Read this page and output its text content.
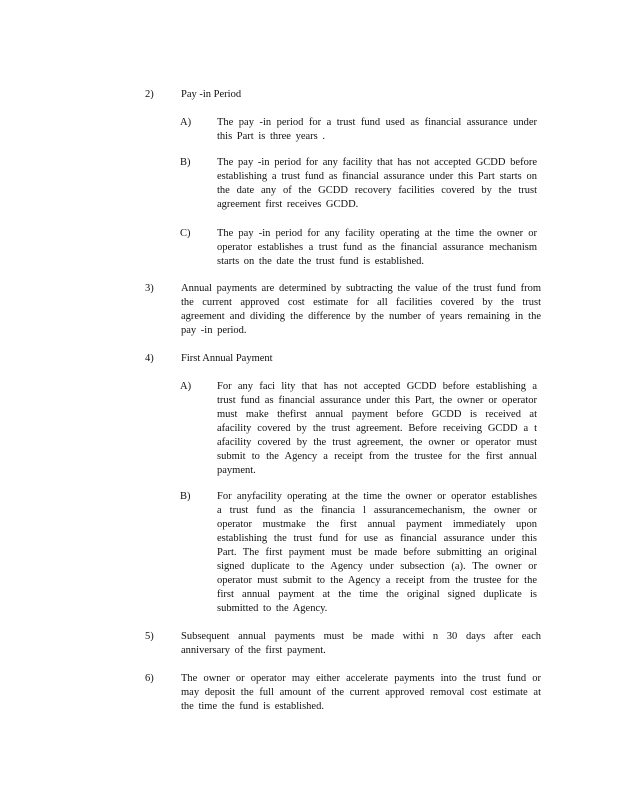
2)	Pay -in Period

A)	The pay -in period for a trust fund used as financial assurance under this Part is three years .

B)	The pay -in period for any facility that has not accepted GCDD before establishing a trust fund as financial assurance under this Part starts on the date any of the GCDD recovery facilities covered by the trust agreement first receives GCDD.

C)	The pay -in period for any facility operating at the time the owner or operator establishes a trust fund as the financial assurance mechanism starts on the date the trust fund is established.

3)	Annual payments are determined by subtracting the value of the trust fund from the current approved cost estimate for all facilities covered by the trust agreement and dividing the difference by the number of years remaining in the pay -in period.

4)	First Annual Payment

A)	For any faci lity that has not accepted GCDD before establishing a trust fund as financial assurance under this Part, the owner or operator must make thefirst annual payment before GCDD is received at afacility covered by the trust agreement. Before receiving GCDD a t afacility covered by the trust agreement, the owner or operator must submit to the Agency a receipt from the trustee for the first annual payment.

B)	For anyfacility operating at the time the owner or operator establishes a trust fund as the financia l assurancemechanism, the owner or operator mustmake the first annual payment immediately upon establishing the trust fund for use as financial assurance under this Part. The first payment must be made before submitting an original signed duplicate to the Agency under subsection (a). The owner or operator must submit to the Agency a receipt from the trustee for the first annual payment at the time the original signed duplicate is submitted to the Agency.

5)	Subsequent annual payments must be made withi n 30 days after each anniversary of the first payment.

6)	The owner or operator may either accelerate payments into the trust fund or may deposit the full amount of the current approved removal cost estimate at the time the fund is established.
